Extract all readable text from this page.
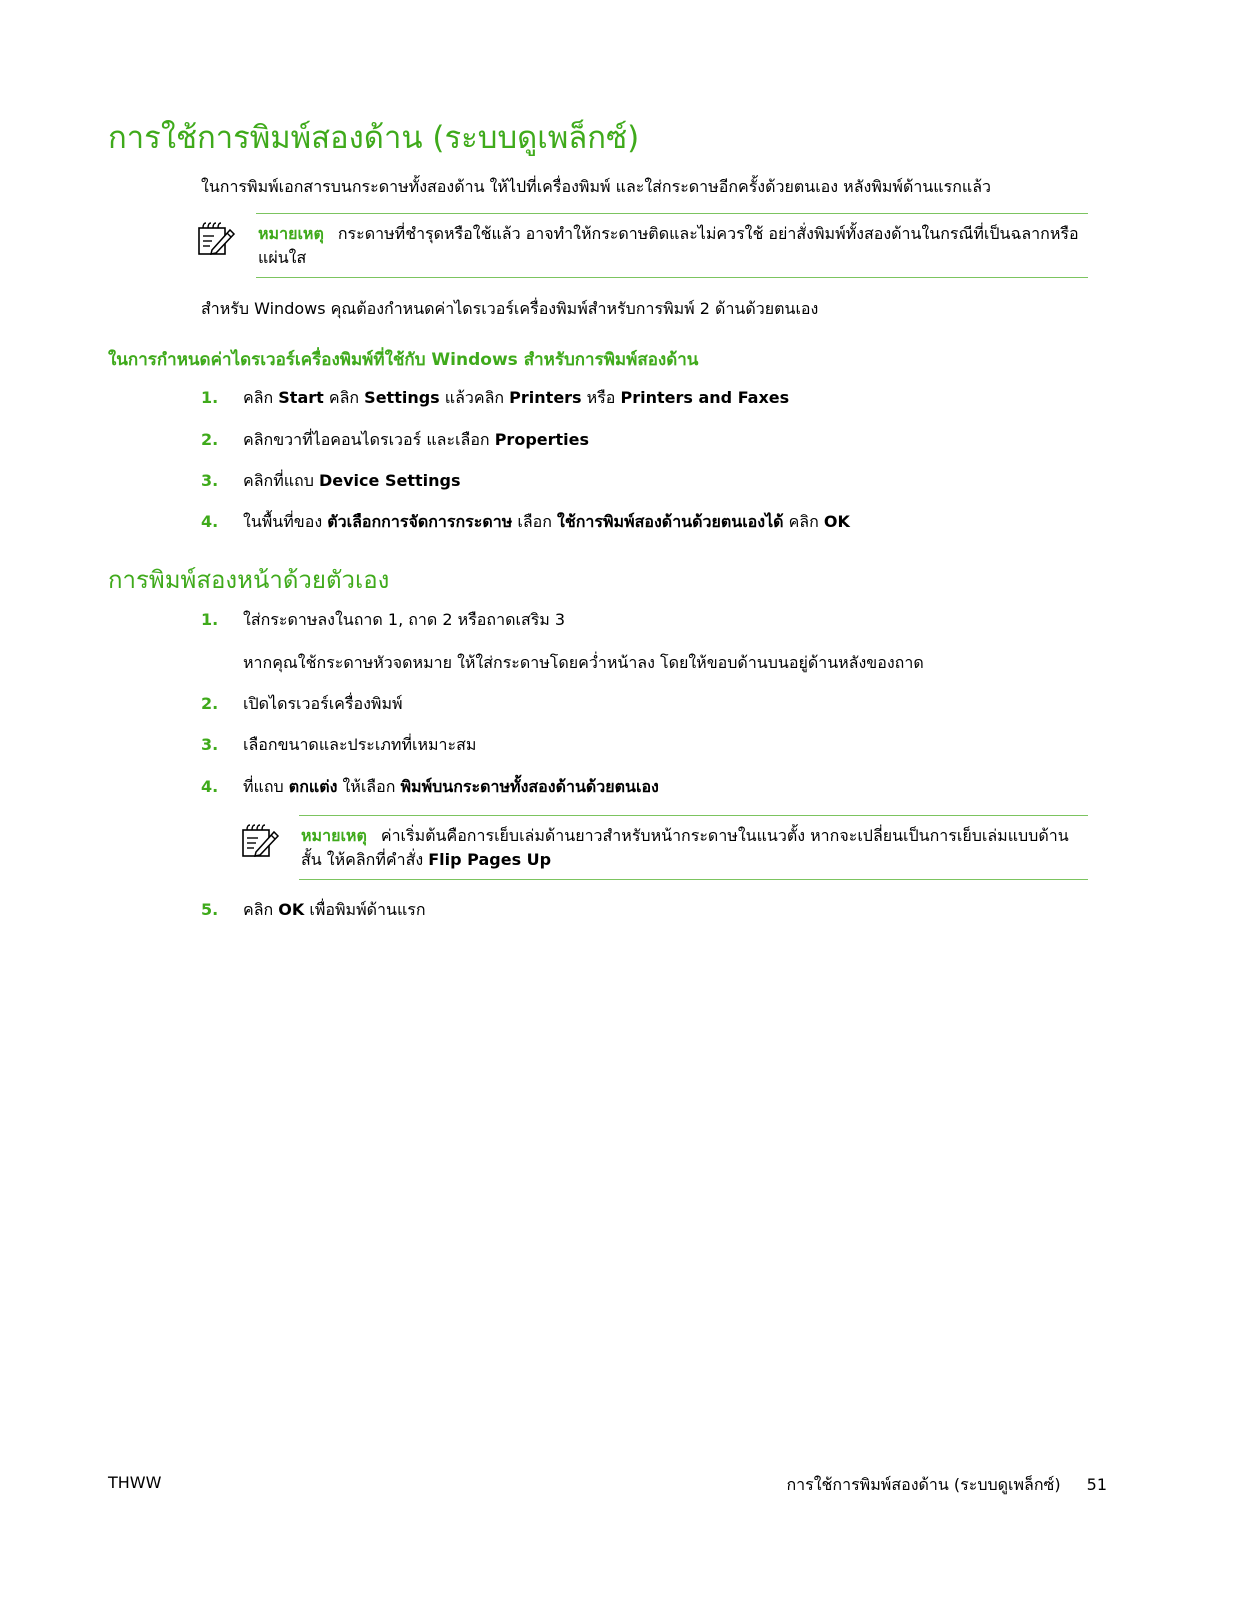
การใช้การพิมพ์สองด้าน (ระบบดูเพล็กซ์)
ในการพิมพ์เอกสารบนกระดาษทั้งสองด้าน ให้ไปที่เครื่องพิมพ์ และใส่กระดาษอีกครั้งด้วยตนเอง หลังพิมพ์ด้านแรกแล้ว
หมายเหตุ กระดาษที่ชำรุดหรือใช้แล้ว อาจทำให้กระดาษติดและไม่ควรใช้ อย่าสั่งพิมพ์ทั้งสองด้านในกรณีที่เป็นฉลากหรือแผ่นใส
สำหรับ Windows คุณต้องกำหนดค่าไดรเวอร์เครื่องพิมพ์สำหรับการพิมพ์ 2 ด้านด้วยตนเอง
ในการกำหนดค่าไดรเวอร์เครื่องพิมพ์ที่ใช้กับ Windows สำหรับการพิมพ์สองด้าน
1. คลิก Start คลิก Settings แล้วคลิก Printers หรือ Printers and Faxes
2. คลิกขวาที่ไอคอนไดรเวอร์ และเลือก Properties
3. คลิกที่แถบ Device Settings
4. ในพื้นที่ของ ตัวเลือกการจัดการกระดาษ เลือก ใช้การพิมพ์สองด้านด้วยตนเองได้ คลิก OK
การพิมพ์สองหน้าด้วยตัวเอง
1. ใส่กระดาษลงในถาด 1, ถาด 2 หรือถาดเสริม 3
หากคุณใช้กระดาษหัวจดหมาย ให้ใส่กระดาษโดยคว่ำหน้าลง โดยให้ขอบด้านบนอยู่ด้านหลังของถาด
2. เปิดไดรเวอร์เครื่องพิมพ์
3. เลือกขนาดและประเภทที่เหมาะสม
4. ที่แถบ ตกแต่ง ให้เลือก พิมพ์บนกระดาษทั้งสองด้านด้วยตนเอง
หมายเหตุ ค่าเริ่มต้นคือการเย็บเล่มด้านยาวสำหรับหน้ากระดาษในแนวตั้ง หากจะเปลี่ยนเป็นการเย็บเล่มแบบด้านสั้น ให้คลิกที่คำสั่ง Flip Pages Up
5. คลิก OK เพื่อพิมพ์ด้านแรก
THWW	การใช้การพิมพ์สองด้าน (ระบบดูเพล็กซ์) 51
